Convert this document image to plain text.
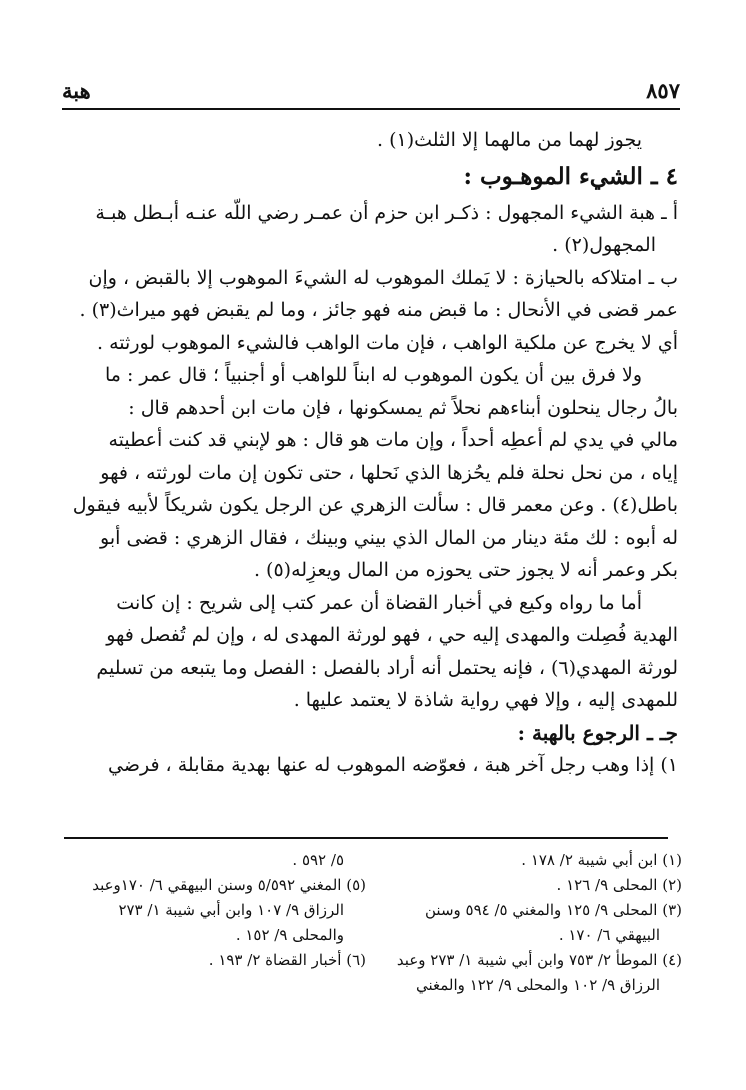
٨٥٧
هبة
يجوز لهما من مالهما إلا الثلث(١) .
٤ ـ الشيء الموهـوب :
أ ـ هبة الشيء المجهول : ذكـر ابن حزم أن عمـر رضي اللّه عنـه أبـطل هبـة
المجهول(٢) .
ب ـ امتلاكه بالحيازة : لا يَملك الموهوب له الشيءَ الموهوب إلا بالقبض ، وإن
عمر قضى في الأنحال : ما قبض منه فهو جائز ، وما لم يقبض فهو ميراث(٣) .
أي لا يخرج عن ملكية الواهب ، فإن مات الواهب فالشيء الموهوب لورثته .
ولا فرق بين أن يكون الموهوب له ابناً للواهب أو أجنبياً ؛ قال عمر : ما
بالُ رجال ينحلون أبناءهم نحلاً ثم يمسكونها ، فإن مات ابن أحدهم قال :
مالي في يدي لم أعطِه أحداً ، وإن مات هو قال : هو لإبني قد كنت أعطيته
إياه ، من نحل نحلة فلم يحُزها الذي نَحلها ، حتى تكون إن مات لورثته ، فهو
باطل(٤) . وعن معمر قال : سألت الزهري عن الرجل يكون شريكاً لأبيه فيقول
له أبوه : لك مئة دينار من المال الذي بيني وبينك ، فقال الزهري : قضى أبو
بكر وعمر أنه لا يجوز حتى يحوزه من المال ويعزِله(٥) .
أما ما رواه وكيع في أخبار القضاة أن عمر كتب إلى شريح : إن كانت
الهدية فُصِلت والمهدى إليه حي ، فهو لورثة المهدى له ، وإن لم تُفصل فهو
لورثة المهدي(٦) ، فإنه يحتمل أنه أراد بالفصل : الفصل وما يتبعه من تسليم
للمهدى إليه ، وإلا فهي رواية شاذة لا يعتمد عليها .
جـ ـ الرجوع بالهبة :
١) إذا وهب رجل آخر هبة ، فعوّضه الموهوب له عنها بهدية مقابلة ، فرضي
(١) ابن أبي شيبة ٢/ ١٧٨ .
(٢) المحلى ٩/ ١٢٦ .
(٣) المحلى ٩/ ١٢٥ والمغني ٥/ ٥٩٤ وسنن
البيهقي ٦/ ١٧٠ .
(٤) الموطأ ٢/ ٧٥٣ وابن أبي شيبة ١/ ٢٧٣ وعبد
الرزاق ٩/ ١٠٢ والمحلى ٩/ ١٢٢ والمغني
٥/ ٥٩٢ .
(٥) المغني ٥/٥٩٢ وسنن البيهقي ٦/ ١٧٠وعبد
الرزاق ٩/ ١٠٧ وابن أبي شيبة ١/ ٢٧٣
والمحلى ٩/ ١٥٢ .
(٦) أخبار القضاة ٢/ ١٩٣ .
